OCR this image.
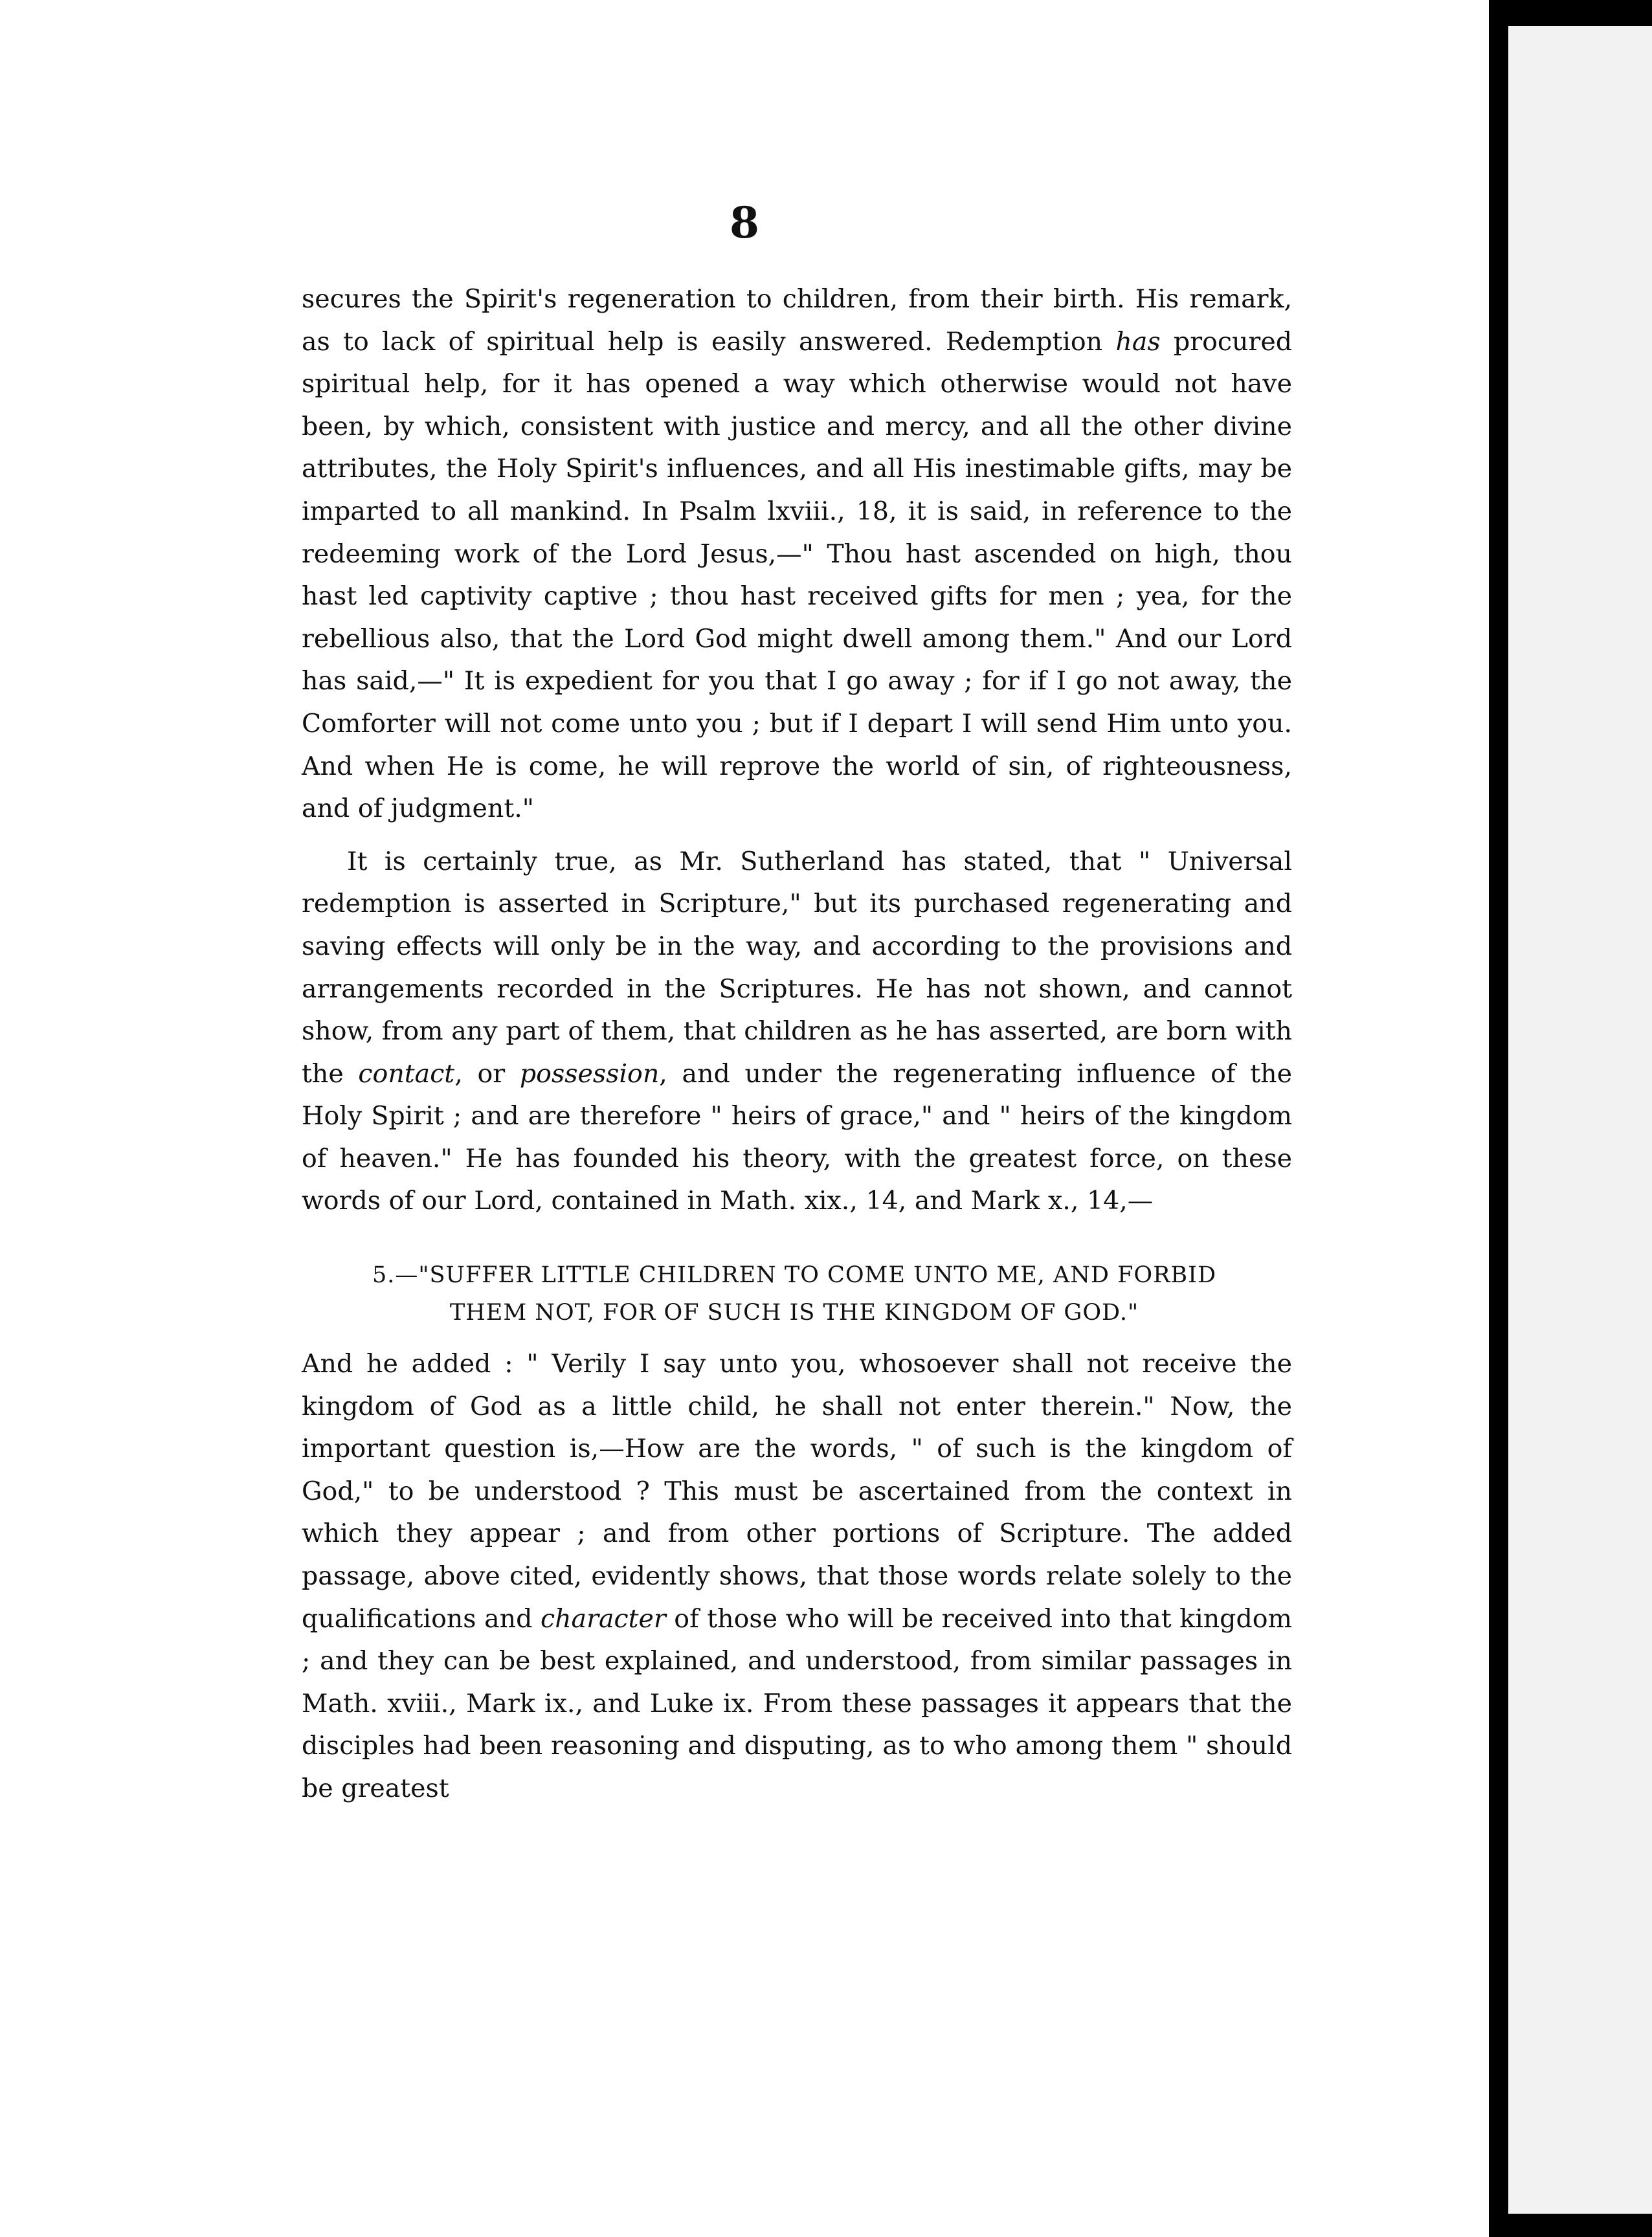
8

secures the Spirit's regeneration to children, from their birth. His remark, as to lack of spiritual help is easily answered. Redemption has procured spiritual help, for it has opened a way which otherwise would not have been, by which, consistent with justice and mercy, and all the other divine attributes, the Holy Spirit's influences, and all His inestimable gifts, may be imparted to all mankind. In Psalm lxviii., 18, it is said, in reference to the redeeming work of the Lord Jesus,—" Thou hast ascended on high, thou hast led captivity captive ; thou hast received gifts for men ; yea, for the rebellious also, that the Lord God might dwell among them." And our Lord has said,—" It is expedient for you that I go away ; for if I go not away, the Comforter will not come unto you ; but if I depart I will send Him unto you. And when He is come, he will reprove the world of sin, of righteousness, and of judgment."

It is certainly true, as Mr. Sutherland has stated, that " Universal redemption is asserted in Scripture," but its purchased regenerating and saving effects will only be in the way, and according to the provisions and arrangements recorded in the Scriptures. He has not shown, and cannot show, from any part of them, that children as he has asserted, are born with the contact, or possession, and under the regenerating influence of the Holy Spirit ; and are therefore " heirs of grace," and " heirs of the kingdom of heaven." He has founded his theory, with the greatest force, on these words of our Lord, contained in Math. xix., 14, and Mark x., 14,—

5.—"SUFFER LITTLE CHILDREN TO COME UNTO ME, AND FORBID
THEM NOT, FOR OF SUCH IS THE KINGDOM OF GOD."

And he added : " Verily I say unto you, whosoever shall not receive the kingdom of God as a little child, he shall not enter therein." Now, the important question is,—How are the words, " of such is the kingdom of God," to be understood ? This must be ascertained from the context in which they appear ; and from other portions of Scripture. The added passage, above cited, evidently shows, that those words relate solely to the qualifications and character of those who will be received into that kingdom ; and they can be best explained, and understood, from similar passages in Math. xviii., Mark ix., and Luke ix. From these passages it appears that the disciples had been reasoning and disputing, as to who among them " should be greatest
